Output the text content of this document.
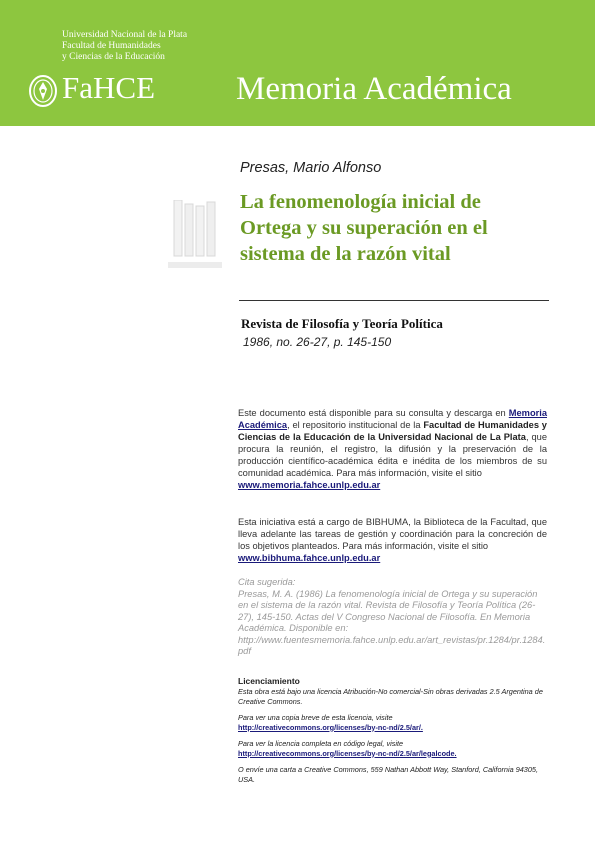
Universidad Nacional de la Plata
Facultad de Humanidades
y Ciencias de la Educación
FaHCE Memoria Académica
Presas, Mario Alfonso
La fenomenología inicial de
Ortega y su superación en el
sistema de la razón vital
Revista de Filosofía y Teoría Política
1986, no. 26-27, p. 145-150
Este documento está disponible para su consulta y descarga en Memoria Académica, el repositorio institucional de la Facultad de Humanidades y Ciencias de la Educación de la Universidad Nacional de La Plata, que procura la reunión, el registro, la difusión y la preservación de la producción científico-académica édita e inédita de los miembros de su comunidad académica. Para más información, visite el sitio
www.memoria.fahce.unlp.edu.ar
Esta iniciativa está a cargo de BIBHUMA, la Biblioteca de la Facultad, que lleva adelante las tareas de gestión y coordinación para la concreción de los objetivos planteados. Para más información, visite el sitio
www.bibhuma.fahce.unlp.edu.ar
Cita sugerida:
Presas, M. A. (1986) La fenomenología inicial de Ortega y su superación en el sistema de la razón vital. Revista de Filosofía y Teoría Política (26-27), 145-150. Actas del V Congreso Nacional de Filosofía. En Memoria Académica. Disponible en:
http://www.fuentesmemoria.fahce.unlp.edu.ar/art_revistas/pr.1284/pr.1284.pdf
Licenciamiento
Esta obra está bajo una licencia Atribución-No comercial-Sin obras derivadas 2.5 Argentina de Creative Commons.
Para ver una copia breve de esta licencia, visite
http://creativecommons.org/licenses/by-nc-nd/2.5/ar/.
Para ver la licencia completa en código legal, visite
http://creativecommons.org/licenses/by-nc-nd/2.5/ar/legalcode.
O envíe una carta a Creative Commons, 559 Nathan Abbott Way, Stanford, California 94305, USA.
